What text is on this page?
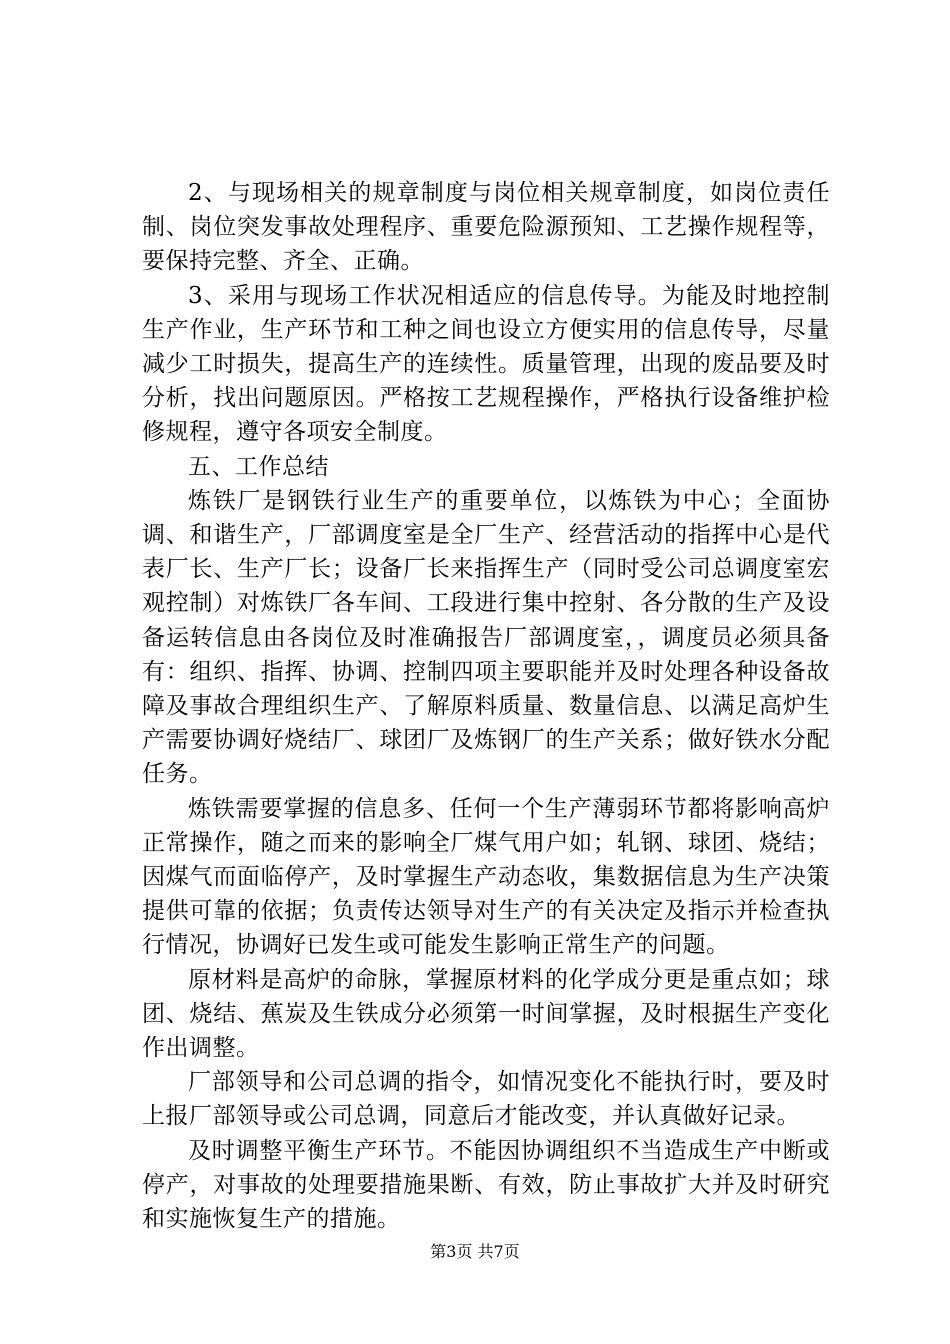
2、与现场相关的规章制度与岗位相关规章制度，如岗位责任制、岗位突发事故处理程序、重要危险源预知、工艺操作规程等，要保持完整、齐全、正确。

3、采用与现场工作状况相适应的信息传导。为能及时地控制生产作业，生产环节和工种之间也设立方便实用的信息传导，尽量减少工时损失，提高生产的连续性。质量管理，出现的废品要及时分析，找出问题原因。严格按工艺规程操作，严格执行设备维护检修规程，遵守各项安全制度。

五、工作总结

炼铁厂是钢铁行业生产的重要单位，以炼铁为中心；全面协调、和谐生产，厂部调度室是全厂生产、经营活动的指挥中心是代表厂长、生产厂长；设备厂长来指挥生产（同时受公司总调度室宏观控制）对炼铁厂各车间、工段进行集中控射、各分散的生产及设备运转信息由各岗位及时准确报告厂部调度室，，调度员必须具备有：组织、指挥、协调、控制四项主要职能并及时处理各种设备故障及事故合理组织生产、了解原料质量、数量信息、以满足高炉生产需要协调好烧结厂、球团厂及炼钢厂的生产关系；做好铁水分配任务。

炼铁需要掌握的信息多、任何一个生产薄弱环节都将影响高炉正常操作，随之而来的影响全厂煤气用户如；轧钢、球团、烧结；因煤气而面临停产，及时掌握生产动态收，集数据信息为生产决策提供可靠的依据；负责传达领导对生产的有关决定及指示并检查执行情况，协调好已发生或可能发生影响正常生产的问题。

原材料是高炉的命脉，掌握原材料的化学成分更是重点如；球团、烧结、蕉炭及生铁成分必须第一时间掌握，及时根据生产变化作出调整。

厂部领导和公司总调的指令，如情况变化不能执行时，要及时上报厂部领导或公司总调，同意后才能改变，并认真做好记录。

及时调整平衡生产环节。不能因协调组织不当造成生产中断或停产，对事故的处理要措施果断、有效，防止事故扩大并及时研究和实施恢复生产的措施。

第3页 共7页
